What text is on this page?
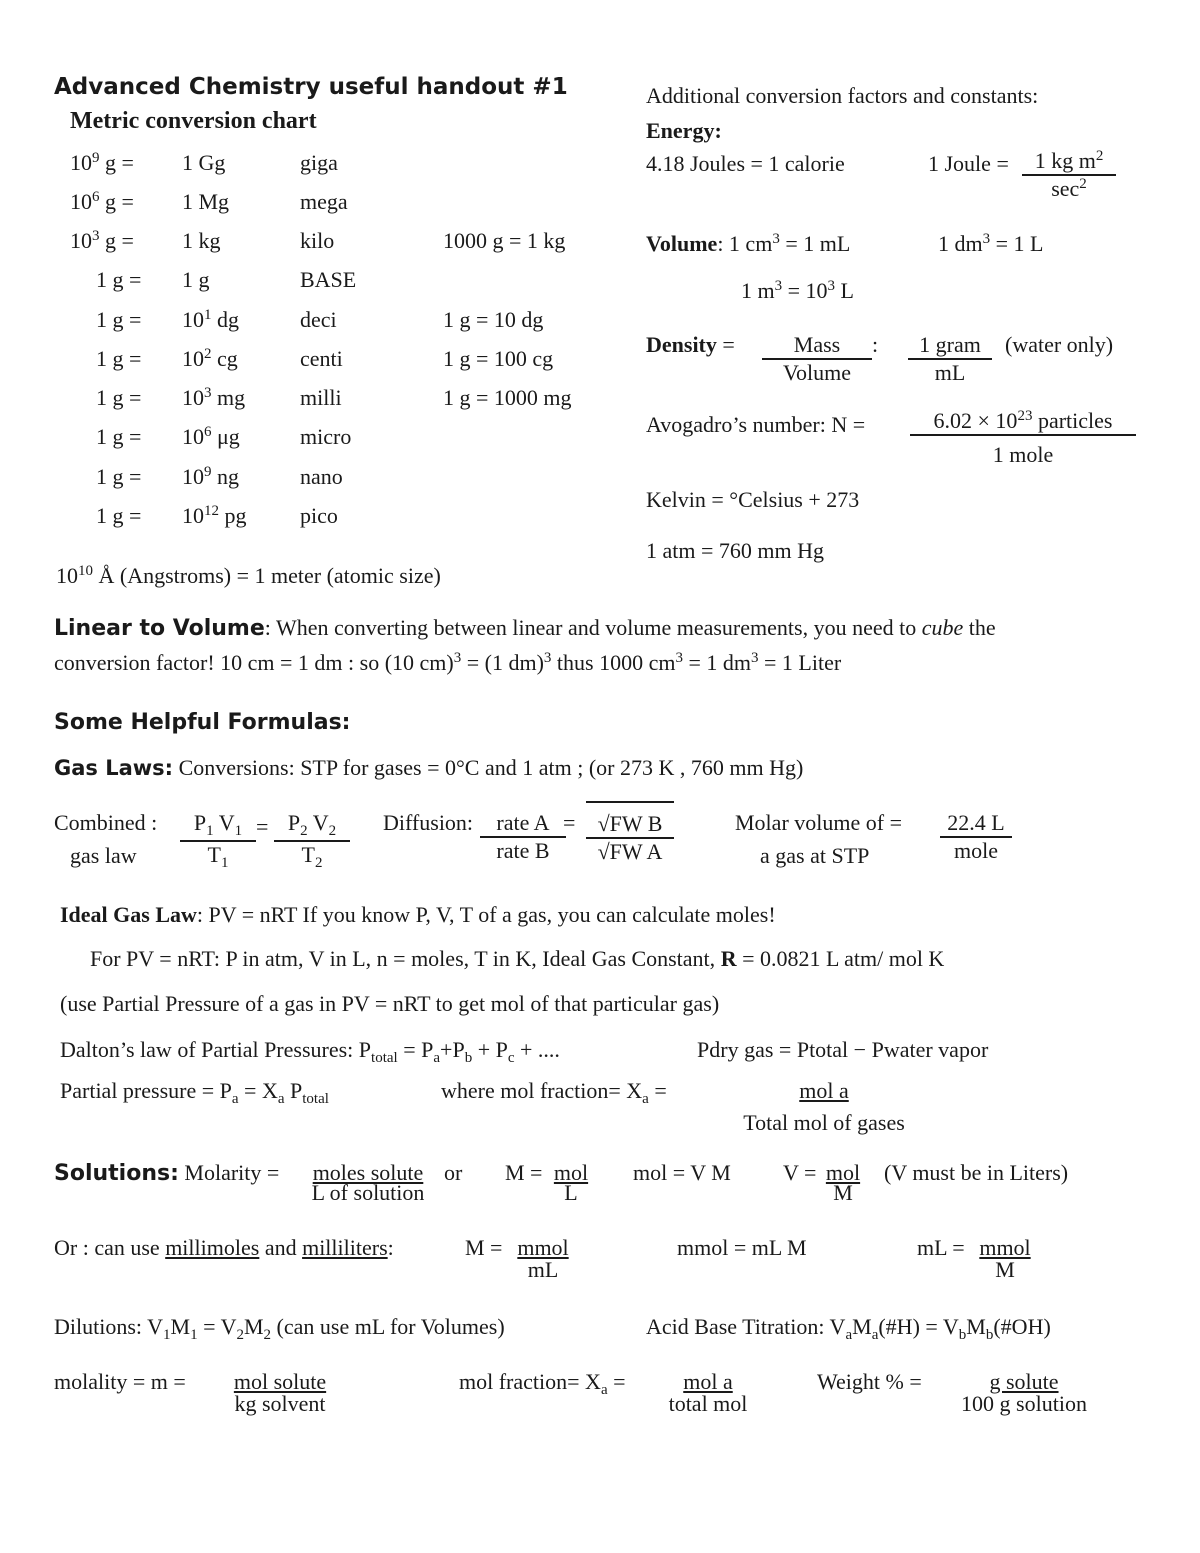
Advanced Chemistry useful handout #1
Metric conversion chart
$10^9$ g = 1 Gg	giga
$10^6$ g = 1 Mg	mega
$10^3$ g = 1 kg	kilo	1000 g = 1 kg
1 g = 1 g	BASE
1 $g = 10^1$ dg	deci	1 g = 10 dg
1 $g = 10^2$ cg	centi	1 g = 100 cg
1 $g = 10^3$ mg milli	1 g = 1000 mg
1 $g = 10^6$ μg	micro
1 $g = 10^9$ ng	nano
1 $g = 10^{12}$ pg pico
$10^{10}$ Å (Angstroms) = 1 meter (atomic size)
Additional conversion factors and constants:
Energy:
4.18 Joules = 1 calorie	1 Joule =	1 kg $m^2$
$\sec^2$
Volume: 1 $cm^3 = 1$ mL	1 $dm^3 = 1$ L
1 $m^3 = 10^3$ L
Density =	Mass
Volume
:	1 gram
mL
(water only)
Avogadro’s number: N =	$6.02 \times 10^{23}$ particles
1 mole
Kelvin = °Celsius + 273
1 atm = 760 mm Hg
Linear to Volume: When converting between linear and volume measurements, you need to cube the
conversion factor! 10 cm = 1 dm : so (10 cm)$^3$ = (1 dm)$^3$ thus 1000 $cm^3 = 1$ $dm^3 = 1$ Liter
Some Helpful Formulas:
Gas Laws: Conversions: STP for gases = 0°C and 1 atm ; (or 273 K , 760 mm Hg)
Combined :
gas law
$P_1$ $V_1$
$T_1$
= $P_2$ $V_2$
$T_2$
Diffusion:	rate A
rate B
=	√FW B
√FW A
Molar volume of =
a gas at STP
22.4 L
mole
Ideal Gas Law: PV = nRT If you know P, V, T of a gas, you can calculate moles!
For PV = nRT: P in atm, V in L, n = moles, T in K, Ideal Gas Constant, R = 0.0821 L atm/ mol K
(use Partial Pressure of a gas in PV = nRT to get mol of that particular gas)
Dalton’s law of Partial Pressures: $P_{total} = P_a+P_b + P_c$ + ....	Pdry gas = Ptotal − Pwater vapor
Partial pressure = $P_a = X_a$ $P_{total}$	where mol fraction= $X_a$ =	mol a
Total mol of gases
Solutions: Molarity =	moles solute
L of solution
or M = mol
L
mol = V M V = mol
M
(V must be in Liters)
Or : can use millimoles and milliliters:	M = mmol
mL
mmol = mL M	mL = mmol
M
Dilutions: $V_1M_1 = V_2M_2$ (can use mL for Volumes)	Acid Base Titration: $V_aM_a(\#H)$ = $V_bM_b(\#OH)$
molality = m =	mol solute
kg solvent
mol fraction= $X_a$ =	mol a
total mol
Weight % =	g solute
100 g solution
